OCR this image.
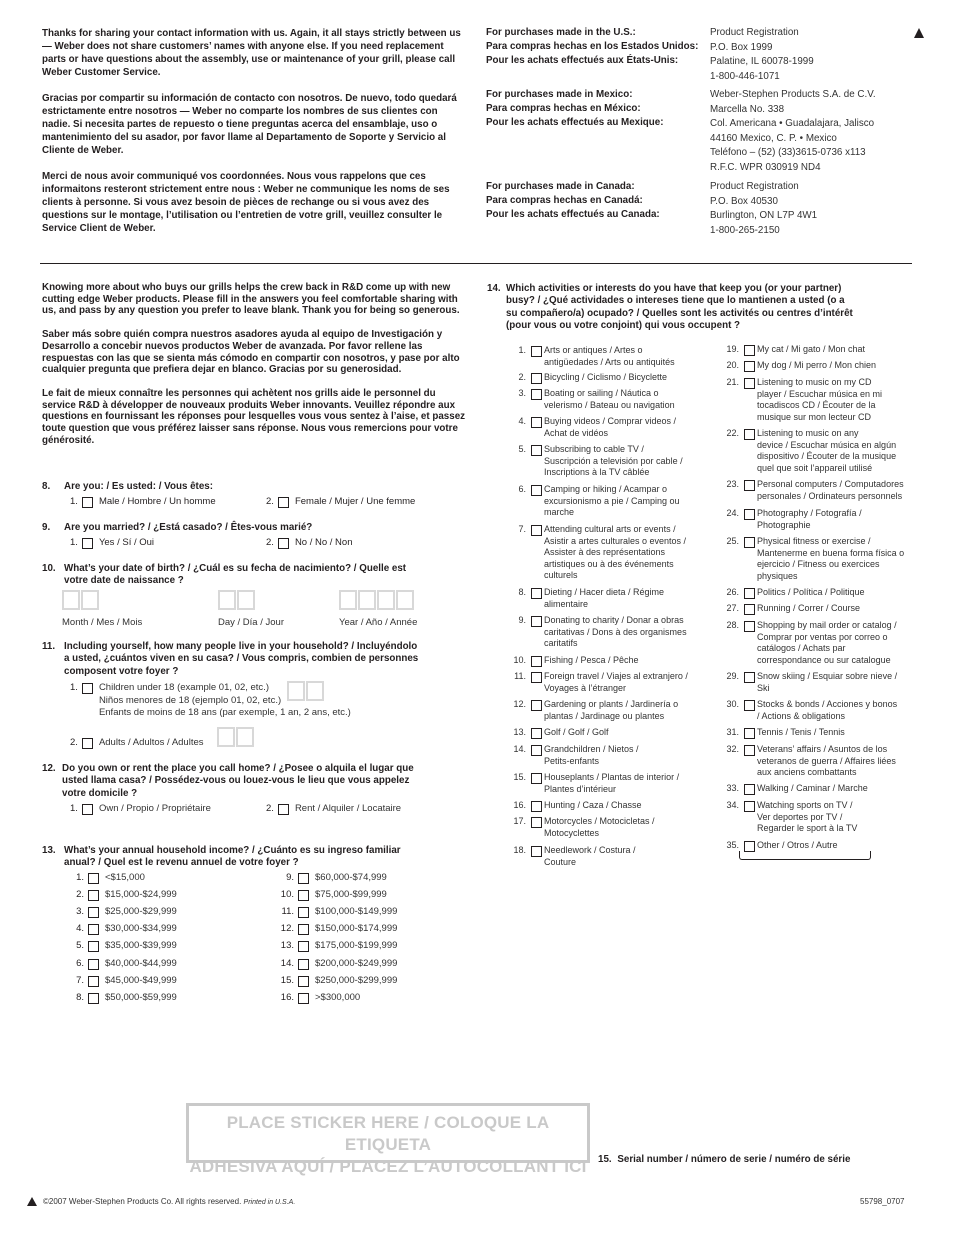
Thanks for sharing your contact information with us. Again, it all stays strictly between us — Weber does not share customers’ names with anyone else. If you need replacement parts or have questions about the assembly, use or maintenance of your grill, please call Weber Customer Service.

Gracias por compartir su información de contacto con nosotros. De nuevo, todo quedará estrictamente entre nosotros — Weber no comparte los nombres de sus clientes con nadie. Si necesita partes de repuesto o tiene preguntas acerca del ensamblaje, uso o mantenimiento del su asador, por favor llame al Departamento de Soporte y Servicio al Cliente de Weber.

Merci de nous avoir communiqué vos coordonnées. Nous vous rappelons que ces informaitons resteront strictement entre nous : Weber ne communique les noms de ses clients à personne. Si vous avez besoin de pièces de rechange ou si vous avez des questions sur le montage, l’utilisation ou l’entretien de votre grill, veuillez consulter le Service Client de Weber.

For purchases made in the U.S.:
Para compras hechas en los Estados Unidos:
Pour les achats effectués aux États-Unis:
Product Registration
P.O. Box 1999
Palatine, IL 60078-1999
1-800-446-1071
For purchases made in Mexico:
Para compras hechas en México:
Pour les achats effectués au Mexique:
Weber-Stephen Products S.A. de C.V.
Marcella No. 338
Col. Americana • Guadalajara, Jalisco
44160 Mexico, C. P. • Mexico
Teléfono – (52) (33)3615-0736 x113
R.F.C. WPR 030919 ND4
For purchases made in Canada:
Para compras hechas en Canadá:
Pour les achats effectués au Canada:
Product Registration
P.O. Box 40530
Burlington, ON L7P 4W1
1-800-265-2150

Knowing more about who buys our grills helps the crew back in R&D come up with new cutting edge Weber products. Please fill in the answers you feel comfortable sharing with us, and pass by any question you prefer to leave blank. Thank you for being so generous.

Saber más sobre quién compra nuestros asadores ayuda al equipo de Investigación y Desarrollo a concebir nuevos productos Weber de avanzada. Por favor rellene las respuestas con las que se sienta más cómodo en compartir con nosotros, y pase por alto cualquier pregunta que prefiera dejar en blanco. Gracias por su generosidad.

Le fait de mieux connaître les personnes qui achètent nos grills aide le personnel du service R&D à développer de nouveaux produits Weber innovants. Veuillez répondre aux questions en fournissant les réponses pour lesquelles vous vous sentez à l’aise, et passez toute question que vous préférez laisser sans réponse. Nous vous remercions pour votre générosité.

8. Are you: / Es usted: / Vous êtes:
1. Male / Hombre / Un homme	2. Female / Mujer / Une femme
9. Are you married? / ¿Está casado? / Êtes-vous marié?
1. Yes / Sí / Oui	2. No / No / Non
10. What’s your date of birth? / ¿Cuál es su fecha de nacimiento? / Quelle est
votre date de naissance ?
Month / Mes / Mois	Day / Día / Jour	Year / Año / Année
11. Including yourself, how many people live in your household? / Incluyéndolo
a usted, ¿cuántos viven en su casa? / Vous compris, combien de personnes
composent votre foyer ?
1. Children under 18 (example 01, 02, etc.)
Niños menores de 18 (ejemplo 01, 02, etc.)
Enfants de moins de 18 ans (par exemple, 1 an, 2 ans, etc.)
2. Adults / Adultos / Adultes
12. Do you own or rent the place you call home? / ¿Posee o alquila el lugar que
usted llama casa? / Possédez-vous ou louez-vous le lieu que vous appelez
votre domicile ?
1. Own / Propio / Propriétaire	2. Rent / Alquiler / Locataire
13. What’s your annual household income? / ¿Cuánto es su ingreso familiar
anual? / Quel est le revenu annuel de votre foyer ?
1. <$15,000
2. $15,000-$24,999
3. $25,000-$29,999
4. $30,000-$34,999
5. $35,000-$39,999
6. $40,000-$44,999
7. $45,000-$49,999
8. $50,000-$59,999
9. $60,000-$74,999
10. $75,000-$99,999
11. $100,000-$149,999
12. $150,000-$174,999
13. $175,000-$199,999
14. $200,000-$249,999
15. $250,000-$299,999
16. >$300,000
14. Which activities or interests do you have that keep you (or your partner)
busy? / ¿Qué actividades o intereses tiene que lo mantienen a usted (o a
su compañero/a) ocupado? / Quelles sont les activités ou centres d’intérêt
(pour vous ou votre conjoint) qui vous occupent ?
1. Arts or antiques / Artes o
antigüedades / Arts ou antiquités
2. Bicycling / Ciclismo / Bicyclette
3. Boating or sailing / Náutica o
velerismo / Bateau ou navigation
4. Buying videos / Comprar videos /
Achat de vidéos
5. Subscribing to cable TV /
Suscripción a televisión por cable /
Inscriptions à la TV câblée
6. Camping or hiking / Acampar o
excursionismo a pie / Camping ou
marche
7. Attending cultural arts or events /
Asistir a artes culturales o eventos /
Assister à des représentations
artistiques ou à des événements
culturels
8. Dieting / Hacer dieta / Régime
alimentaire
9. Donating to charity / Donar a obras
caritativas / Dons à des organismes
caritatifs
10. Fishing / Pesca / Pêche
11. Foreign travel / Viajes al extranjero /
Voyages à l’étranger
12. Gardening or plants / Jardinería o
plantas / Jardinage ou plantes
13. Golf / Golf / Golf
14. Grandchildren / Nietos /
Petits-enfants
15. Houseplants / Plantas de interior /
Plantes d’intérieur
16. Hunting / Caza / Chasse
17. Motorcycles / Motocicletas /
Motocyclettes
18. Needlework / Costura /
Couture
19. My cat / Mi gato / Mon chat
20. My dog / Mi perro / Mon chien
21. Listening to music on my CD
player / Escuchar música en mi
tocadiscos CD / Écouter de la
musique sur mon lecteur CD
22. Listening to music on any
device / Escuchar música en algún
dispositivo / Écouter de la musique
quel que soit l’appareil utilisé
23. Personal computers / Computadores
personales / Ordinateurs personnels
24. Photography / Fotografía /
Photographie
25. Physical fitness or exercise /
Mantenerme en buena forma física o
ejercicio / Fitness ou exercices
physiques
26. Politics / Política / Politique
27. Running / Correr / Course
28. Shopping by mail order or catalog /
Comprar por ventas por correo o
catálogos / Achats par
correspondance ou sur catalogue
29. Snow skiing / Esquiar sobre nieve /
Ski
30. Stocks & bonds / Acciones y bonos
/ Actions & obligations
31. Tennis / Tenis / Tennis
32. Veterans’ affairs / Asuntos de los
veteranos de guerra / Affaires liées
aux anciens combattants
33. Walking / Caminar / Marche
34. Watching sports on TV /
Ver deportes por TV /
Regarder le sport à la TV
35. Other / Otros / Autre
PLACE STICKER HERE / COLOQUE LA ETIQUETA
ADHESIVA AQUÍ / PLACEZ L’AUTOCOLLANT ICI 15. Serial number / número de serie / numéro de série
©2007 Weber-Stephen Products Co. All rights reserved. Printed in U.S.A.	55798_0707
